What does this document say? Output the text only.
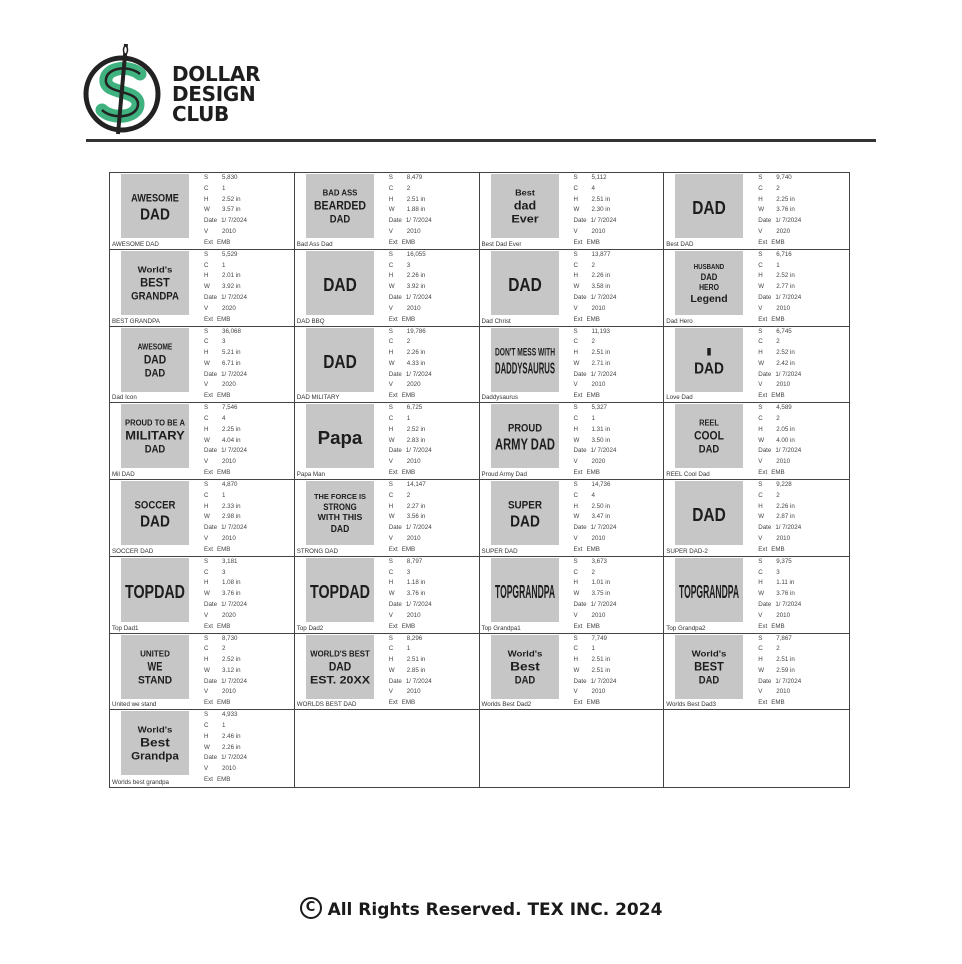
DOLLAR
DESIGN
CLUB
AWESOME
DAD
AWESOME DAD
S 5,830
C 1
H 2.52 in
W 3.57 in
Date 1/ 7/2024
V 2010
Ext EMB
BAD ASS
BEARDED
DAD
Bad Ass Dad
S 8,479
C 2
H 2.51 in
W 1.88 in
Date 1/ 7/2024
V 2010
Ext EMB
Best
dad
Ever
Best Dad Ever
S 5,112
C 4
H 2.51 in
W 2.30 in
Date 1/ 7/2024
V 2010
Ext EMB
DAD
Best DAD
S 9,740
C 2
H 2.25 in
W 3.76 in
Date 1/ 7/2024
V 2020
Ext EMB
World's
BEST
GRANDPA
BEST GRANDPA
S 5,529
C 1
H 2.01 in
W 3.92 in
Date 1/ 7/2024
V 2020
Ext EMB
DAD
DAD BBQ
S 16,055
C 3
H 2.26 in
W 3.92 in
Date 1/ 7/2024
V 2010
Ext EMB
DAD
Dad Christ
S 13,877
C 2
H 2.26 in
W 3.58 in
Date 1/ 7/2024
V 2010
Ext EMB
HUSBAND
DAD
HERO
Legend
Dad Hero
S 6,716
C 1
H 2.52 in
W 2.77 in
Date 1/ 7/2024
V 2010
Ext EMB
AWESOME
DAD
DAD
Dad Icon
S 36,068
C 3
H 5.21 in
W 6.71 in
Date 1/ 7/2024
V 2020
Ext EMB
DAD
DAD MILITARY
S 19,786
C 2
H 2.26 in
W 4.33 in
Date 1/ 7/2024
V 2020
Ext EMB
DON'T MESS WITH
DADDYSAURUS
Daddysaurus
S 11,193
C 2
H 2.51 in
W 2.71 in
Date 1/ 7/2024
V 2010
Ext EMB
I
DAD
Love Dad
S 6,745
C 2
H 2.52 in
W 2.42 in
Date 1/ 7/2024
V 2010
Ext EMB
PROUD TO BE A
MILITARY
DAD
Mil DAD
S 7,546
C 4
H 2.25 in
W 4.04 in
Date 1/ 7/2024
V 2010
Ext EMB
Papa
Papa Man
S 6,725
C 1
H 2.52 in
W 2.83 in
Date 1/ 7/2024
V 2010
Ext EMB
PROUD
ARMY DAD
Proud Army Dad
S 5,327
C 1
H 1.31 in
W 3.50 in
Date 1/ 7/2024
V 2020
Ext EMB
REEL
COOL
DAD
REEL Cool Dad
S 4,589
C 2
H 2.05 in
W 4.00 in
Date 1/ 7/2024
V 2010
Ext EMB
SOCCER
DAD
SOCCER DAD
S 4,870
C 1
H 2.33 in
W 2.98 in
Date 1/ 7/2024
V 2010
Ext EMB
THE FORCE IS
STRONG
WITH THIS
DAD
STRONG DAD
S 14,147
C 2
H 2.27 in
W 3.56 in
Date 1/ 7/2024
V 2010
Ext EMB
SUPER
DAD
SUPER DAD
S 14,736
C 4
H 2.50 in
W 3.47 in
Date 1/ 7/2024
V 2010
Ext EMB
DAD
SUPER DAD-2
S 9,228
C 2
H 2.26 in
W 2.87 in
Date 1/ 7/2024
V 2010
Ext EMB
TOPDAD
Top Dad1
S 3,181
C 3
H 1.08 in
W 3.76 in
Date 1/ 7/2024
V 2020
Ext EMB
TOPDAD
Top Dad2
S 8,797
C 3
H 1.18 in
W 3.76 in
Date 1/ 7/2024
V 2010
Ext EMB
TOPGRANDPA
Top Grandpa1
S 3,673
C 2
H 1.01 in
W 3.75 in
Date 1/ 7/2024
V 2010
Ext EMB
TOPGRANDPA
Top Grandpa2
S 9,375
C 3
H 1.11 in
W 3.76 in
Date 1/ 7/2024
V 2010
Ext EMB
UNITED
WE
STAND
United we stand
S 8,730
C 2
H 2.52 in
W 3.12 in
Date 1/ 7/2024
V 2010
Ext EMB
WORLD'S BEST
DAD
EST. 20XX
WORLDS BEST DAD
S 8,296
C 1
H 2.51 in
W 2.85 in
Date 1/ 7/2024
V 2010
Ext EMB
World's
Best
DAD
Worlds Best Dad2
S 7,749
C 1
H 2.51 in
W 2.51 in
Date 1/ 7/2024
V 2010
Ext EMB
World's
BEST
DAD
Worlds Best Dad3
S 7,867
C 2
H 2.51 in
W 2.59 in
Date 1/ 7/2024
V 2010
Ext EMB
World's
Best
Grandpa
Worlds best grandpa
S 4,933
C 1
H 2.46 in
W 2.26 in
Date 1/ 7/2024
V 2010
Ext EMB
C All Rights Reserved. TEX INC. 2024
